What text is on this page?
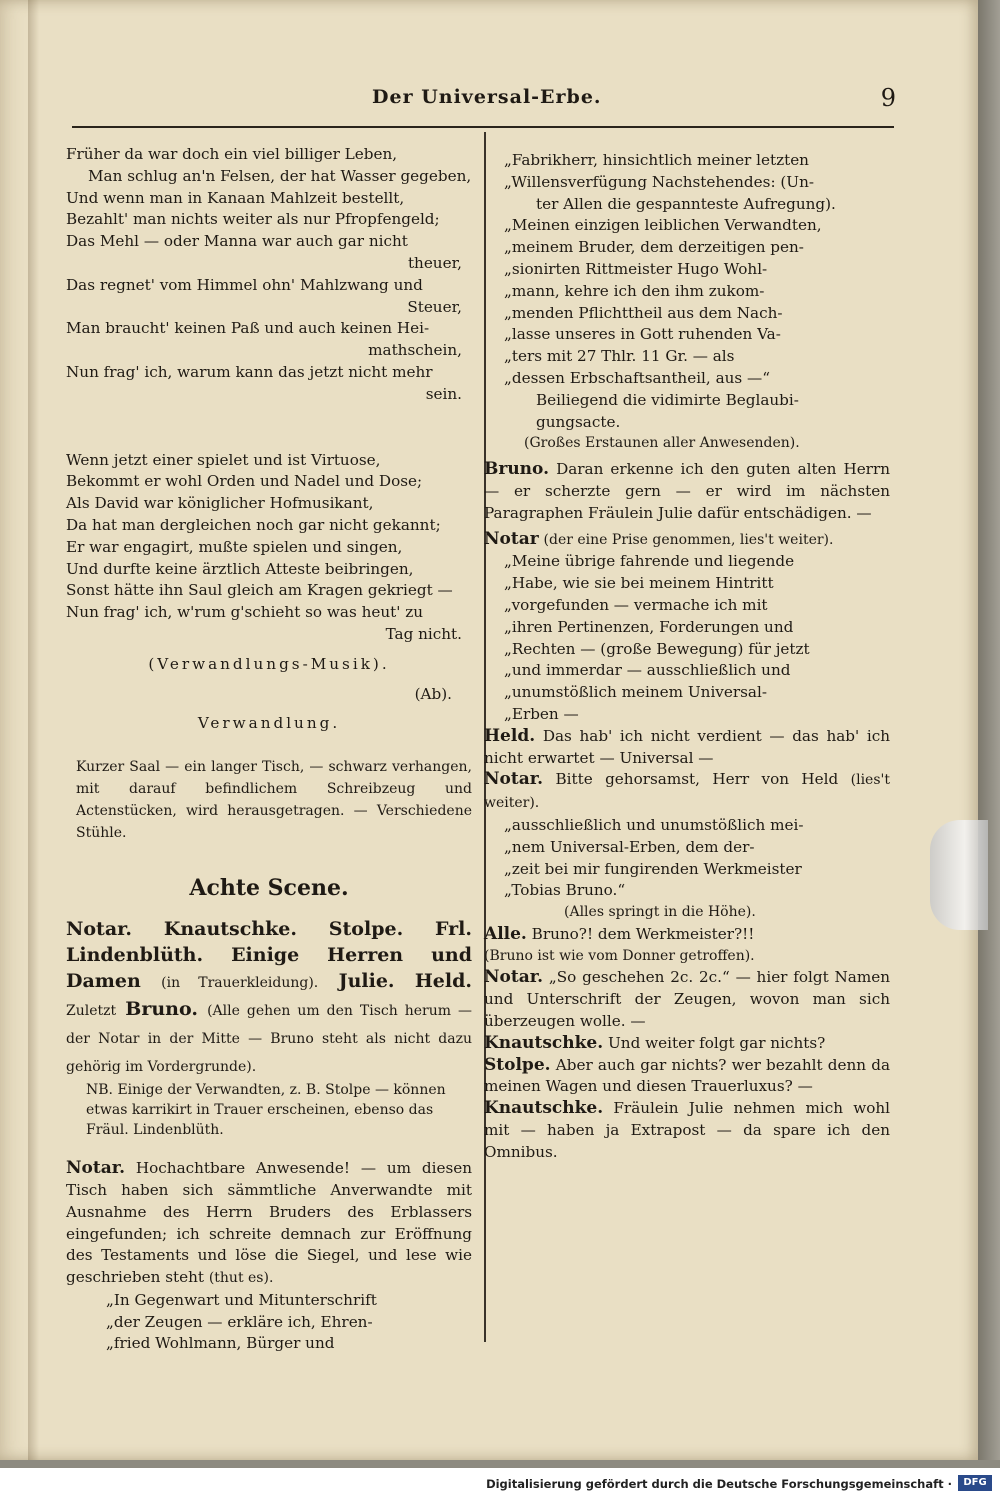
Der Universal-Erbe.	9
Früher da war doch ein viel billiger Leben,
Man schlug an'n Felsen, der hat Wasser gegeben,
Und wenn man in Kanaan Mahlzeit bestellt,
Bezahlt' man nichts weiter als nur Pfropfengeld;
Das Mehl — oder Manna war auch gar nicht
theuer,
Das regnet' vom Himmel ohn' Mahlzwang und
Steuer,
Man braucht' keinen Paß und auch keinen Hei-
mathschein,
Nun frag' ich, warum kann das jetzt nicht mehr
sein.
Wenn jetzt einer spielet und ist Virtuose,
Bekommt er wohl Orden und Nadel und Dose;
Als David war königlicher Hofmusikant,
Da hat man dergleichen noch gar nicht gekannt;
Er war engagirt, mußte spielen und singen,
Und durfte keine ärztlich Atteste beibringen,
Sonst hätte ihn Saul gleich am Kragen gekriegt —
Nun frag' ich, w'rum g'schieht so was heut' zu
Tag nicht.
(Verwandlungs-Musik).
(Ab).
Verwandlung.
Kurzer Saal — ein langer Tisch, — schwarz verhangen, mit darauf befindlichem Schreibzeug und Actenstücken, wird herausgetragen. — Verschiedene Stühle.
Achte Scene.
Notar. Knautschke. Stolpe. Frl. Lindenblüth. Einige Herren und Damen (in Trauerkleidung). Julie. Held. Zuletzt Bruno. (Alle gehen um den Tisch herum — der Notar in der Mitte — Bruno steht als nicht dazu gehörig im Vordergrunde).
NB. Einige der Verwandten, z. B. Stolpe — können etwas karrikirt in Trauer erscheinen, ebenso das Fräul. Lindenblüth.
Notar. Hochachtbare Anwesende! — um diesen Tisch haben sich sämmtliche Anverwandte mit Ausnahme des Herrn Bruders des Erblassers eingefunden; ich schreite demnach zur Eröffnung des Testaments und löse die Siegel, und lese wie geschrieben steht (thut es).
„In Gegenwart und Mitunterschrift
„der Zeugen — erkläre ich, Ehren-
„fried Wohlmann, Bürger und
„Fabrikherr, hinsichtlich meiner letzten
„Willensverfügung Nachstehendes: (Un-
ter Allen die gespannteste Aufregung).
„Meinen einzigen leiblichen Verwandten,
„meinem Bruder, dem derzeitigen pen-
„sionirten Rittmeister Hugo Wohl-
„mann, kehre ich den ihm zukom-
„menden Pflichttheil aus dem Nach-
„lasse unseres in Gott ruhenden Va-
„ters mit 27 Thlr. 11 Gr. — als
„dessen Erbschaftsantheil, aus —“
Beiliegend die vidimirte Beglaubi-
gungsacte.
(Großes Erstaunen aller Anwesenden).
Bruno. Daran erkenne ich den guten alten Herrn — er scherzte gern — er wird im nächsten Paragraphen Fräulein Julie dafür entschädigen. —
Notar (der eine Prise genommen, lies't weiter).
„Meine übrige fahrende und liegende
„Habe, wie sie bei meinem Hintritt
„vorgefunden — vermache ich mit
„ihren Pertinenzen, Forderungen und
„Rechten — (große Bewegung) für jetzt
„und immerdar — ausschließlich und
„unumstößlich meinem Universal-
„Erben —
Held. Das hab' ich nicht verdient — das hab' ich nicht erwartet — Universal —
Notar. Bitte gehorsamst, Herr von Held (lies't weiter).
„ausschließlich und unumstößlich mei-
„nem Universal-Erben, dem der-
„zeit bei mir fungirenden Werkmeister
„Tobias Bruno.“
(Alles springt in die Höhe).
Alle. Bruno?! dem Werkmeister?!!
(Bruno ist wie vom Donner getroffen).
Notar. „So geschehen 2c. 2c.“ — hier folgt Namen und Unterschrift der Zeugen, wovon man sich überzeugen wolle. —
Knautschke. Und weiter folgt gar nichts?
Stolpe. Aber auch gar nichts? wer bezahlt denn da meinen Wagen und diesen Trauerluxus? —
Knautschke. Fräulein Julie nehmen mich wohl mit — haben ja Extrapost — da spare ich den Omnibus.
Digitalisierung gefördert durch die Deutsche Forschungsgemeinschaft ·	DFG
